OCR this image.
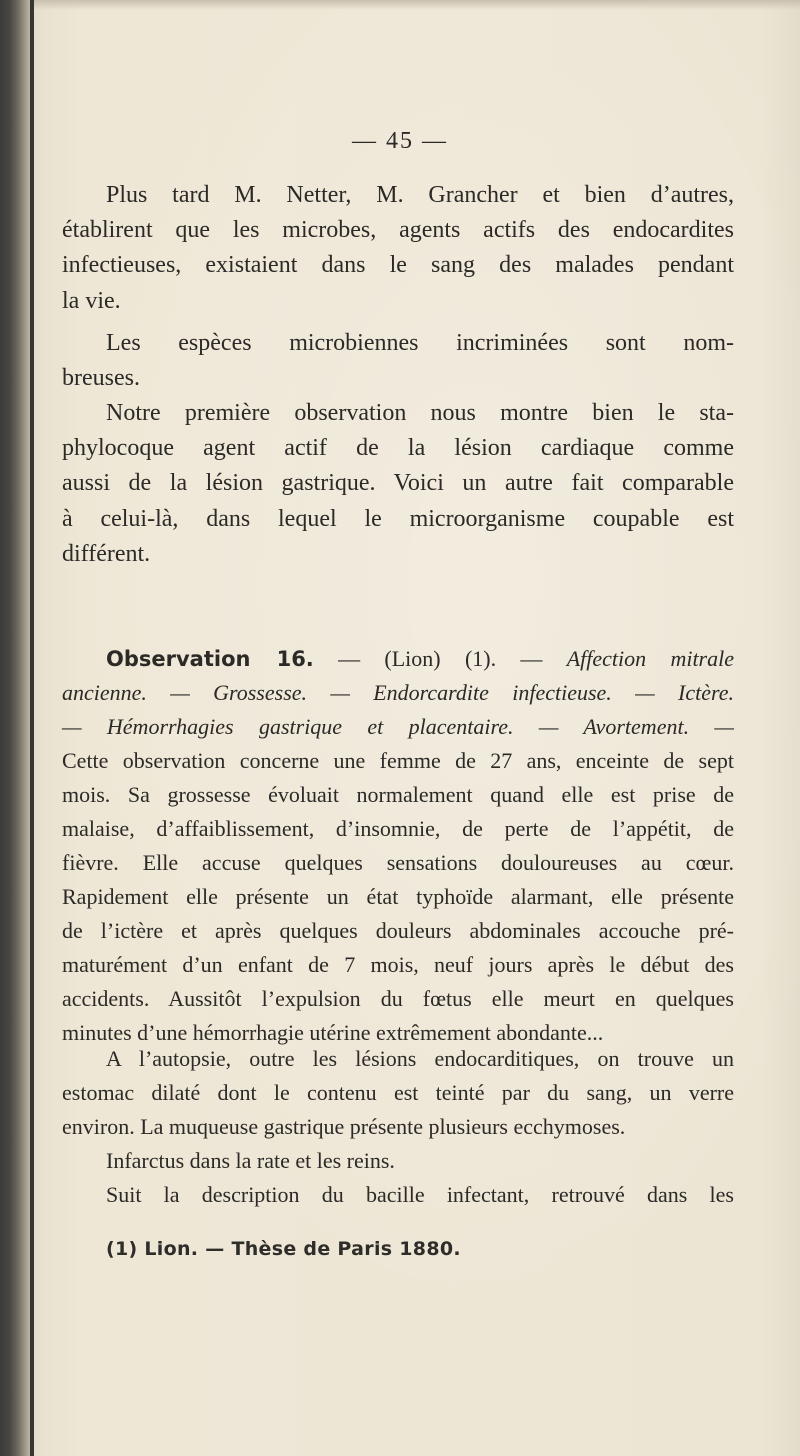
— 45 —
Plus tard M. Netter, M. Grancher et bien d’autres,
établirent que les microbes, agents actifs des endocardites
infectieuses, existaient dans le sang des malades pendant
la vie.
Les espèces microbiennes incriminées sont nom-
breuses.
Notre première observation nous montre bien le sta-
phylocoque agent actif de la lésion cardiaque comme
aussi de la lésion gastrique. Voici un autre fait comparable
à celui-là, dans lequel le microorganisme coupable est
différent.
Observation 16. — (Lion) (1). — Affection mitrale
ancienne. — Grossesse. — Endorcardite infectieuse. — Ictère.
— Hémorrhagies gastrique et placentaire. — Avortement. —
Cette observation concerne une femme de 27 ans, enceinte de sept
mois. Sa grossesse évoluait normalement quand elle est prise de
malaise, d’affaiblissement, d’insomnie, de perte de l’appétit, de
fièvre. Elle accuse quelques sensations douloureuses au cœur.
Rapidement elle présente un état typhoïde alarmant, elle présente
de l’ictère et après quelques douleurs abdominales accouche pré-
maturément d’un enfant de 7 mois, neuf jours après le début des
accidents. Aussitôt l’expulsion du fœtus elle meurt en quelques
minutes d’une hémorrhagie utérine extrêmement abondante...
A l’autopsie, outre les lésions endocarditiques, on trouve un
estomac dilaté dont le contenu est teinté par du sang, un verre
environ. La muqueuse gastrique présente plusieurs ecchymoses.
Infarctus dans la rate et les reins.
Suit la description du bacille infectant, retrouvé dans les
(1) Lion. — Thèse de Paris 1880.
